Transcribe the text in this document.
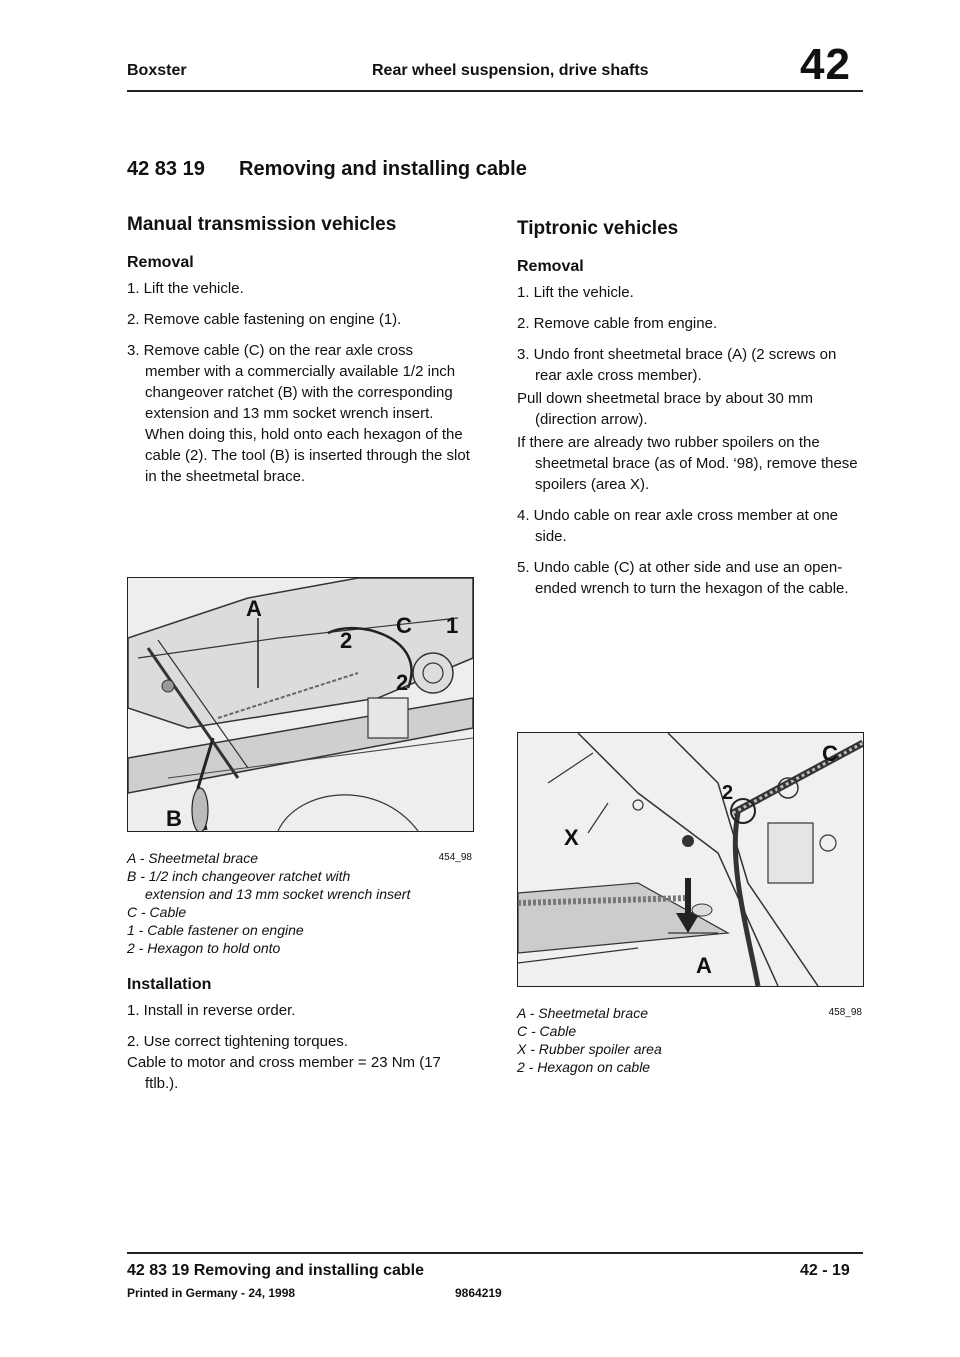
Boxster	Rear wheel suspension, drive shafts	42
42 83 19 Removing and installing cable
Manual transmission vehicles
Removal
1. Lift the vehicle.
2. Remove cable fastening on engine (1).
3. Remove cable (C) on the rear axle cross member with a commercially available 1/2 inch changeover ratchet (B) with the corresponding extension and 13 mm socket wrench insert. When doing this, hold onto each hexagon of the cable (2). The tool (B) is inserted through the slot in the sheetmetal brace.
A
C 1
2
2
B
A - Sheetmetal brace	454_98
B - 1/2 inch changeover ratchet with
extension and 13 mm socket wrench insert
C - Cable
1 - Cable fastener on engine
2 - Hexagon to hold onto
Installation
1. Install in reverse order.
2. Use correct tightening torques.
Cable to motor and cross member = 23 Nm (17 ftlb.).
Tiptronic vehicles
Removal
1. Lift the vehicle.
2. Remove cable from engine.
3. Undo front sheetmetal brace (A) (2 screws on rear axle cross member).
Pull down sheetmetal brace by about 30 mm (direction arrow).
If there are already two rubber spoilers on the sheetmetal brace (as of Mod. ‘98), remove these spoilers (area X).
4. Undo cable on rear axle cross member at one side.
5. Undo cable (C) at other side and use an open-ended wrench to turn the hexagon of the cable.
C
X
2
A
A - Sheetmetal brace	458_98
C - Cable
X - Rubber spoiler area
2 - Hexagon on cable
42 83 19 Removing and installing cable	42 - 19
Printed in Germany - 24, 1998	9864219
